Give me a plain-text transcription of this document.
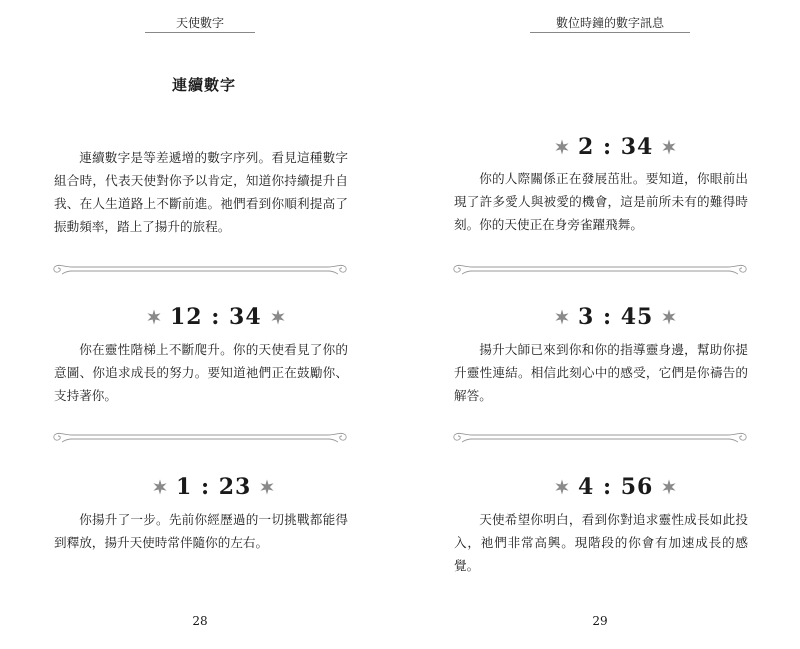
天使數字
連續數字

連續數字是等差遞增的數字序列。看見這種數字組合時，代表天使對你予以肯定，知道你持續提升自我、在人生道路上不斷前進。祂們看到你順利提高了振動頻率，踏上了揚升的旅程。

12 : 34

你在靈性階梯上不斷爬升。你的天使看見了你的意圖、你追求成長的努力。要知道祂們正在鼓勵你、支持著你。

1 : 23

你揚升了一步。先前你經歷過的一切挑戰都能得到釋放，揚升天使時常伴隨你的左右。

28
數位時鐘的數字訊息
2 : 34

你的人際關係正在發展茁壯。要知道，你眼前出現了許多愛人與被愛的機會，這是前所未有的難得時刻。你的天使正在身旁雀躍飛舞。

3 : 45

揚升大師已來到你和你的指導靈身邊，幫助你提升靈性連結。相信此刻心中的感受，它們是你禱告的解答。

4 : 56

天使希望你明白，看到你對追求靈性成長如此投入，祂們非常高興。現階段的你會有加速成長的感覺。

29
